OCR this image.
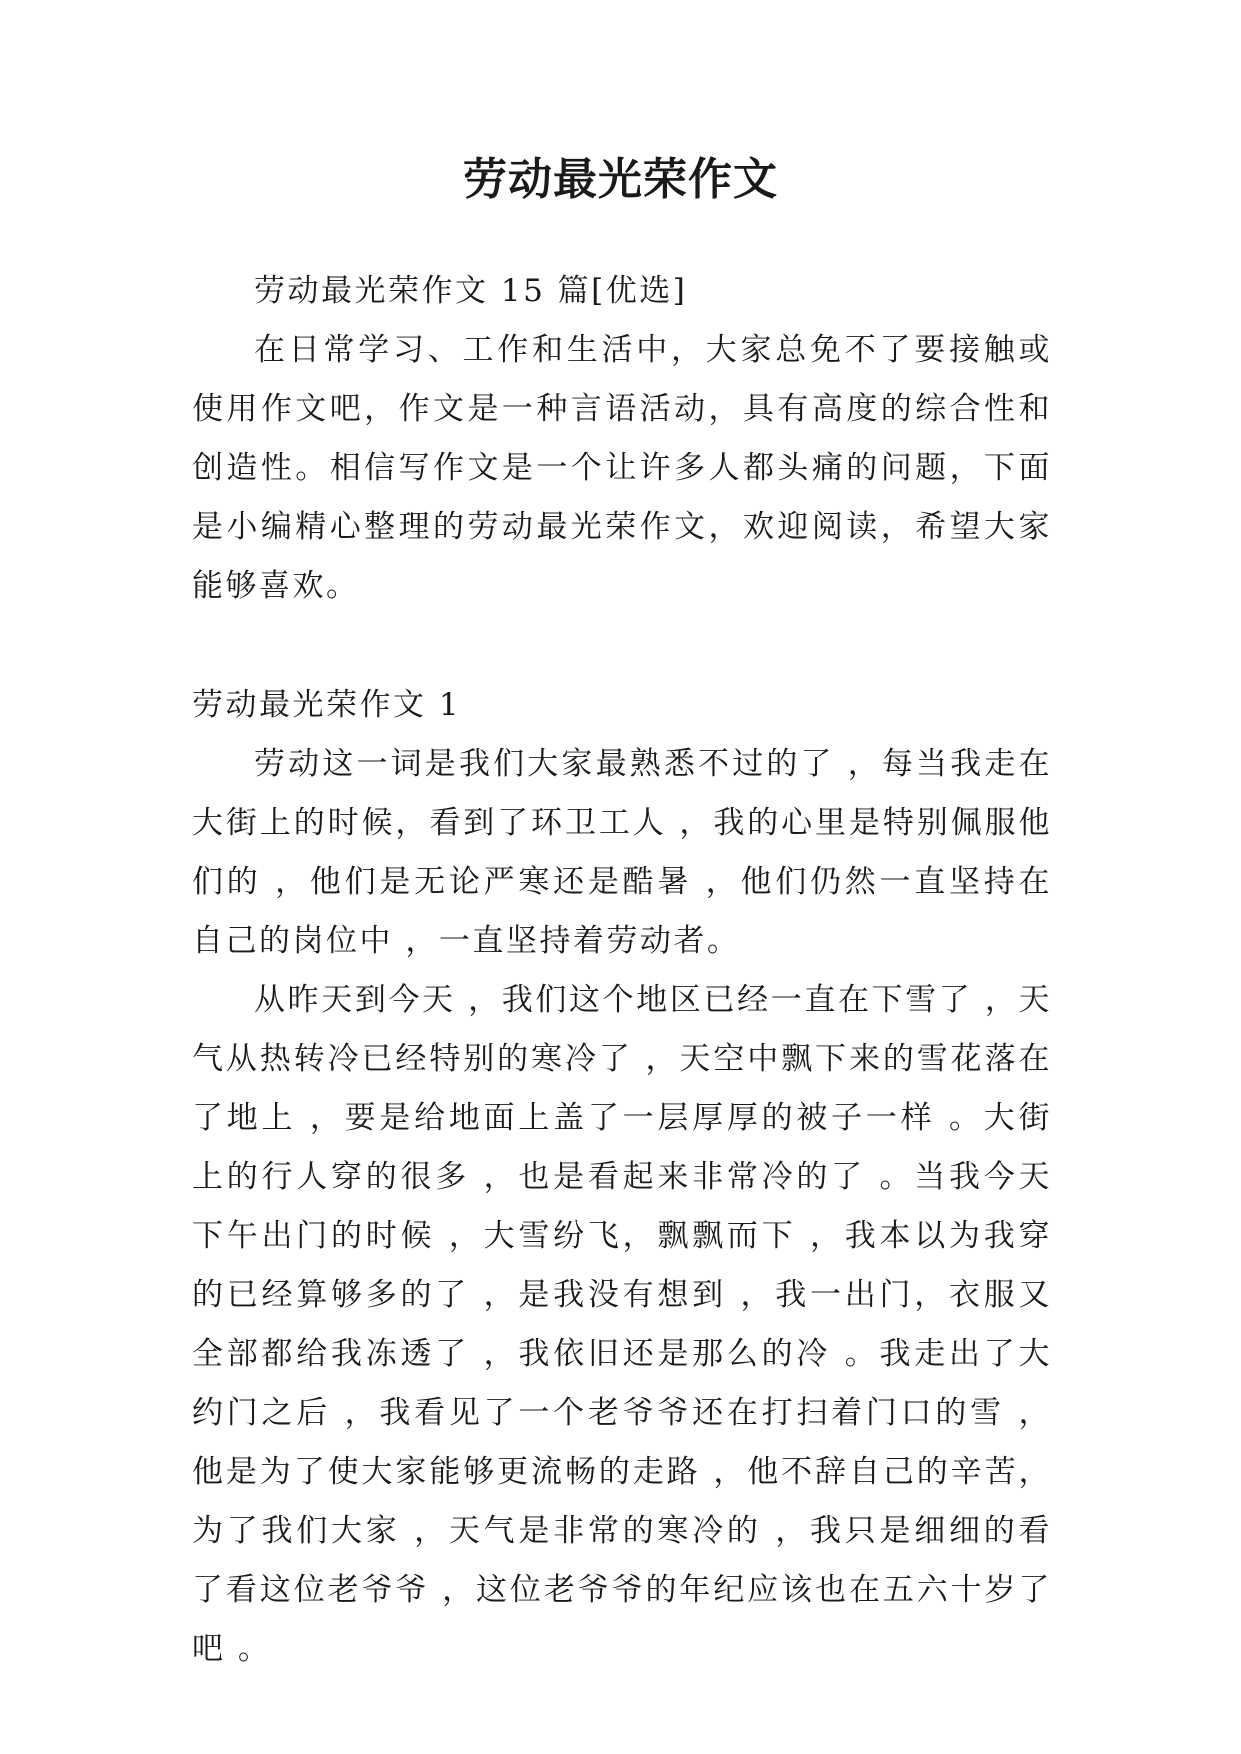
劳动最光荣作文

劳动最光荣作文 15 篇[优选]

在日常学习、工作和生活中，大家总免不了要接触或使用作文吧，作文是一种言语活动，具有高度的综合性和创造性。相信写作文是一个让许多人都头痛的问题，下面是小编精心整理的劳动最光荣作文，欢迎阅读，希望大家能够喜欢。

劳动最光荣作文 1

劳动这一词是我们大家最熟悉不过的了 ，每当我走在大街上的时候，看到了环卫工人 ，我的心里是特别佩服他们的 ，他们是无论严寒还是酷暑 ，他们仍然一直坚持在自己的岗位中 ，一直坚持着劳动者。

从昨天到今天 ，我们这个地区已经一直在下雪了 ，天气从热转冷已经特别的寒冷了 ，天空中飘下来的雪花落在了地上 ，要是给地面上盖了一层厚厚的被子一样 。大街上的行人穿的很多 ，也是看起来非常冷的了 。当我今天下午出门的时候 ，大雪纷飞，飘飘而下 ，我本以为我穿的已经算够多的了 ，是我没有想到 ，我一出门，衣服又全部都给我冻透了 ，我依旧还是那么的冷 。我走出了大约门之后 ，我看见了一个老爷爷还在打扫着门口的雪 ，他是为了使大家能够更流畅的走路 ，他不辞自己的辛苦，为了我们大家 ，天气是非常的寒冷的 ，我只是细细的看了看这位老爷爷 ，这位老爷爷的年纪应该也在五六十岁了吧 。
